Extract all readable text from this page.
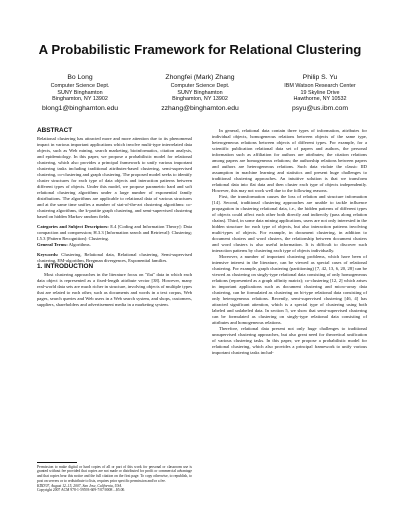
A Probabilistic Framework for Relational Clustering
Bo Long
Computer Science Dept.
SUNY Binghamton
Binghamton, NY 13902
blong1@binghamton.edu
Zhongfei (Mark) Zhang
Computer Science Dept.
SUNY Binghamton
Binghamton, NY 13902
zzhang@binghamton.edu
Philip S. Yu
IBM Watson Research Center
19 Skyline Drive
Hawthorne, NY 10532
psyu@us.ibm.com
ABSTRACT

Relational clustering has attracted more and more attention due to its phenomenal impact in various important applications which involve multi-type interrelated data objects, such as Web mining, search marketing, bioinformatics, citation analysis, and epidemiology. In this paper, we propose a probabilistic model for relational clustering, which also provides a principal framework to unify various important clustering tasks including traditional attributes-based clustering, semi-supervised clustering, co-clustering and graph clustering. The proposed model seeks to identify cluster structures for each type of data objects and interaction patterns between different types of objects. Under this model, we propose parametric hard and soft relational clustering algorithms under a large number of exponential family distributions. The algorithms are applicable to relational data of various structures and at the same time unifies a number of stat-of-the-art clustering algorithms: co-clustering algorithms, the k-partite graph clustering, and semi-supervised clustering based on hidden Markov random fields.

Categories and Subject Descriptors: E.4 [Coding and Information Theory]: Data compaction and compression; H.3.3 [Information search and Retrieval]: Clustering; I.5.3 [Pattern Recognition]: Clustering.

General Terms: Algorithms.

Keywords: Clustering, Relational data, Relational clustering, Semi-supervised clustering, EM-algorithm, Bregman divergences, Exponential families.

1. INTRODUCTION

Most clustering approaches in the literature focus on "flat" data in which each data object is represented as a fixed-length attribute vector [38]. However, many real-world data sets are much richer in structure, involving objects of multiple types that are related to each other, such as documents and words in a text corpus, Web pages, search queries and Web users in a Web search system, and shops, customers, suppliers, shareholders and advertisement media in a marketing system.

Permission to make digital or hard copies of all or part of this work for personal or classroom use is granted without fee provided that copies are not made or distributed for profit or commercial advantage and that copies bear this notice and the full citation on the first page. To copy otherwise, to republish, to post on servers or to redistribute to lists, requires prior specific permission and/or a fee.
KDD'07, August 12–15, 2007, San Jose, California, USA.
Copyright 2007 ACM 978-1-59593-609-7/07/0008 ...$5.00.

In general, relational data contain three types of information, attributes for individual objects, homogeneous relations between objects of the same type, heterogeneous relations between objects of different types. For example, for a scientific publication relational data set of papers and authors, the personal information such as affiliation for authors are attributes; the citation relations among papers are homogeneous relations; the authorship relations between papers and authors are heterogeneous relations. Such data violate the classic IID assumption in machine learning and statistics and present huge challenges to traditional clustering approaches. An intuitive solution is that we transform relational data into flat data and then cluster each type of objects independently. However, this may not work well due to the following reasons.

First, the transformation causes the loss of relation and structure information [14]. Second, traditional clustering approaches are unable to tackle influence propagation in clustering relational data, i.e., the hidden patterns of different types of objects could affect each other both directly and indirectly (pass along relation chains). Third, in some data mining applications, users are not only interested in the hidden structure for each type of objects, but also interaction patterns involving multi-types of objects. For example, in document clustering, in addition to document clusters and word clusters, the relationship between document clusters and word clusters is also useful information. It is difficult to discover such interaction patterns by clustering each type of objects individually.

Moreover, a number of important clustering problems, which have been of intensive interest in the literature, can be viewed as special cases of relational clustering. For example, graph clustering (partitioning) [7, 42, 13, 6, 20, 28] can be viewed as clustering on singly-type relational data consisting of only homogeneous relations (represented as a graph affinity matrix); co-clustering [12, 2] which arises in important applications such as document clustering and micro-array data clustering, can be formulated as clustering on bi-type relational data consisting of only heterogeneous relations. Recently, semi-supervised clustering [46, 4] has attracted significant attention, which is a special type of clustering using both labeled and unlabeled data. In section 5, we show that semi-supervised clustering can be formulated as clustering on singly-type relational data consisting of attributes and homogeneous relations.

Therefore, relational data present not only huge challenges to traditional unsupervised clustering approaches, but also great need for theoretical unification of various clustering tasks. In this paper, we propose a probabilistic model for relational clustering, which also provides a principal framework to unify various important clustering tasks includ-
